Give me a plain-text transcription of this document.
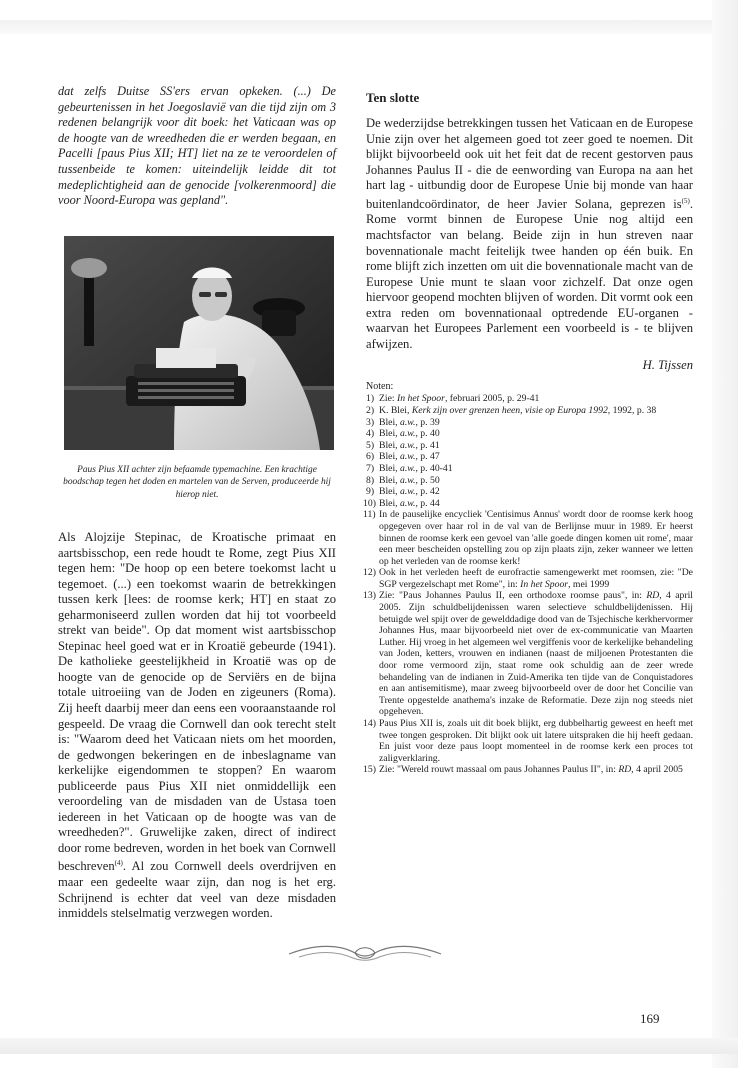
dat zelfs Duitse SS'ers ervan opkeken. (...) De gebeurtenissen in het Joegoslavië van die tijd zijn om 3 redenen belangrijk voor dit boek: het Vaticaan was op de hoogte van de wreedheden die er werden begaan, en Pacelli [paus Pius XII; HT] liet na ze te veroordelen of tussenbeide te komen: uiteindelijk leidde dit tot medeplichtigheid aan de genocide [volkerenmoord] die voor Noord-Europa was gepland".

Paus Pius XII achter zijn befaamde typemachine. Een krachtige boodschap tegen het doden en martelen van de Serven, produceerde hij hierop niet.

Als Alojzije Stepinac, de Kroatische primaat en aartsbisschop, een rede houdt te Rome, zegt Pius XII tegen hem: "De hoop op een betere toekomst lacht u tegemoet. (...) een toekomst waarin de betrekkingen tussen kerk [lees: de roomse kerk; HT] en staat zo geharmoniseerd zullen worden dat hij tot voorbeeld strekt van beide". Op dat moment wist aartsbisschop Stepinac heel goed wat er in Kroatië gebeurde (1941). De katholieke geestelijkheid in Kroatië was op de hoogte van de genocide op de Serviërs en de bijna totale uitroeiing van de Joden en zigeuners (Roma). Zij heeft daarbij meer dan eens een vooraanstaande rol gespeeld. De vraag die Cornwell dan ook terecht stelt is: "Waarom deed het Vaticaan niets om het moorden, de gedwongen bekeringen en de inbeslagname van kerkelijke eigendommen te stoppen? En waarom publiceerde paus Pius XII niet onmiddellijk een veroordeling van de misdaden van de Ustasa toen iedereen in het Vaticaan op de hoogte was van de wreedheden?". Gruwelijke zaken, direct of indirect door rome bedreven, worden in het boek van Cornwell beschreven$^{(4)}$. Al zou Cornwell deels overdrijven en maar een gedeelte waar zijn, dan nog is het erg. Schrijnend is echter dat veel van deze misdaden inmiddels stelselmatig verzwegen worden.

Ten slotte

De wederzijdse betrekkingen tussen het Vaticaan en de Europese Unie zijn over het algemeen goed tot zeer goed te noemen. Dit blijkt bijvoorbeeld ook uit het feit dat de recent gestorven paus Johannes Paulus II - die de eenwording van Europa na aan het hart lag - uitbundig door de Europese Unie bij monde van haar buitenlandcoördinator, de heer Javier Solana, geprezen $is^{(5)}$. Rome vormt binnen de Europese Unie nog altijd een machtsfactor van belang. Beide zijn in hun streven naar bovennationale macht feitelijk twee handen op één buik. En rome blijft zich inzetten om uit die bovennationale macht van de Europese Unie munt te slaan voor zichzelf. Dat onze ogen hiervoor geopend mochten blijven of worden. Dit vormt ook een extra reden om bovennationaal optredende EU-organen - waarvan het Europees Parlement een voorbeeld is - te blijven afwijzen.

H. Tijssen
Noten:
1) Zie: In het Spoor, februari 2005, p. 29-41
2) K. Blei, Kerk zijn over grenzen heen, visie op Europa 1992, 1992, p. 38
3) Blei, a.w., p. 39
4) Blei, a.w., p. 40
5) Blei, a.w., p. 41
6) Blei, a.w., p. 47
7) Blei, a.w., p. 40-41
8) Blei, a.w., p. 50
9) Blei, a.w., p. 42
10) Blei, a.w., p. 44
11) In de pauselijke encycliek 'Centisimus Annus' wordt door de roomse kerk hoog opgegeven over haar rol in de val van de Berlijnse muur in 1989. Er heerst binnen de roomse kerk een gevoel van 'alle goede dingen komen uit rome', maar een meer bescheiden opstelling zou op zijn plaats zijn, zeker wanneer we letten op het verleden van de roomse kerk!
12) Ook in het verleden heeft de eurofractie samengewerkt met roomsen, zie: "De SGP vergezelschapt met Rome", in: In het Spoor, mei 1999
13) Zie: "Paus Johannes Paulus II, een orthodoxe roomse paus", in: RD, 4 april 2005. Zijn schuldbelijdenissen waren selectieve schuldbelijdenissen. Hij betuigde wel spijt over de gewelddadige dood van de Tsjechische kerkhervormer Johannes Hus, maar bijvoorbeeld niet over de ex-communicatie van Maarten Luther. Hij vroeg in het algemeen wel vergiffenis voor de kerkelijke behandeling van Joden, ketters, vrouwen en indianen (naast de miljoenen Protestanten die door rome vermoord zijn, staat rome ook schuldig aan de zeer wrede behandeling van de indianen in Zuid-Amerika ten tijde van de Conquistadores en aan antisemitisme), maar zweeg bijvoorbeeld over de door het Concilie van Trente opgestelde anathema's inzake de Reformatie. Deze zijn nog steeds niet opgeheven.
14) Paus Pius XII is, zoals uit dit boek blijkt, erg dubbelhartig geweest en heeft met twee tongen gesproken. Dit blijkt ook uit latere uitspraken die hij heeft gedaan. En juist voor deze paus loopt momenteel in de roomse kerk een proces tot zaligverklaring.
15) Zie: "Wereld rouwt massaal om paus Johannes Paulus II", in: RD, 4 april 2005
169
